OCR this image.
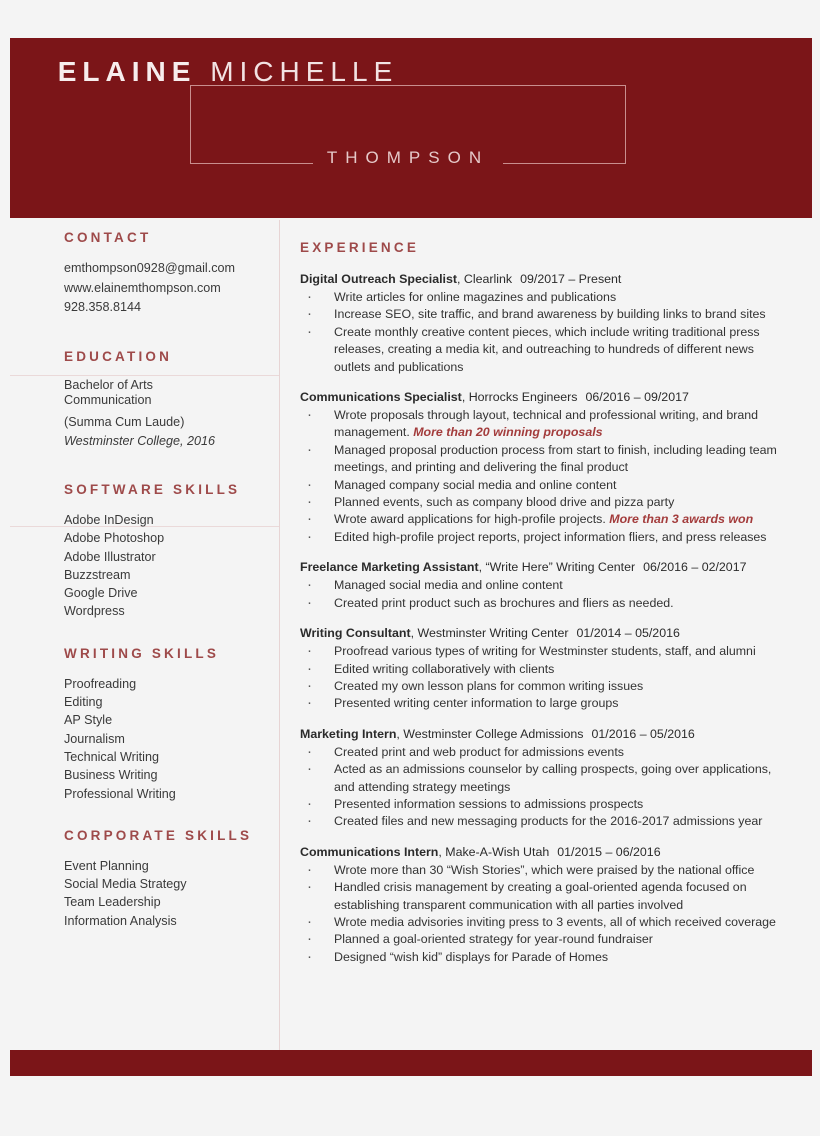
ELAINE MICHELLE
THOMPSON
CONTACT
emthompson0928@gmail.com
www.elainemthompson.com
928.358.8144
EDUCATION
Bachelor of Arts
Communication
(Summa Cum Laude)
Westminster College, 2016
SOFTWARE SKILLS
Adobe InDesign
Adobe Photoshop
Adobe Illustrator
Buzzstream
Google Drive
Wordpress
WRITING SKILLS
Proofreading
Editing
AP Style
Journalism
Technical Writing
Business Writing
Professional Writing
CORPORATE SKILLS
Event Planning
Social Media Strategy
Team Leadership
Information Analysis
EXPERIENCE
Digital Outreach Specialist, Clearlink 09/2017 – Present
· Write articles for online magazines and publications
· Increase SEO, site traffic, and brand awareness by building links to brand sites
· Create monthly creative content pieces, which include writing traditional press releases, creating a media kit, and outreaching to hundreds of different news outlets and publications
Communications Specialist, Horrocks Engineers 06/2016 – 09/2017
· Wrote proposals through layout, technical and professional writing, and brand management. More than 20 winning proposals
· Managed proposal production process from start to finish, including leading team meetings, and printing and delivering the final product
· Managed company social media and online content
· Planned events, such as company blood drive and pizza party
· Wrote award applications for high-profile projects. More than 3 awards won
· Edited high-profile project reports, project information fliers, and press releases
Freelance Marketing Assistant, “Write Here” Writing Center 06/2016 – 02/2017
· Managed social media and online content
· Created print product such as brochures and fliers as needed.
Writing Consultant, Westminster Writing Center 01/2014 – 05/2016
· Proofread various types of writing for Westminster students, staff, and alumni
· Edited writing collaboratively with clients
· Created my own lesson plans for common writing issues
· Presented writing center information to large groups
Marketing Intern, Westminster College Admissions 01/2016 – 05/2016
· Created print and web product for admissions events
· Acted as an admissions counselor by calling prospects, going over applications, and attending strategy meetings
· Presented information sessions to admissions prospects
· Created files and new messaging products for the 2016-2017 admissions year
Communications Intern, Make-A-Wish Utah 01/2015 – 06/2016
· Wrote more than 30 “Wish Stories”, which were praised by the national office
· Handled crisis management by creating a goal-oriented agenda focused on establishing transparent communication with all parties involved
· Wrote media advisories inviting press to 3 events, all of which received coverage
· Planned a goal-oriented strategy for year-round fundraiser
· Designed “wish kid” displays for Parade of Homes
